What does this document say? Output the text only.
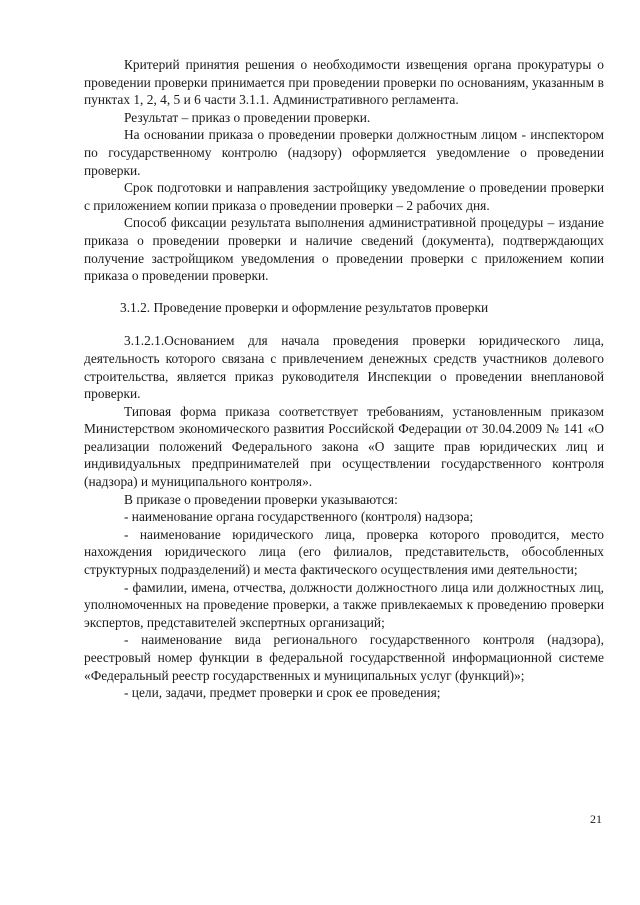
Критерий принятия решения о необходимости извещения органа прокуратуры о проведении проверки принимается при проведении проверки по основаниям, указанным в пунктах 1, 2, 4, 5 и 6 части 3.1.1. Административного регламента.

Результат – приказ о проведении проверки.

На основании приказа о проведении проверки должностным лицом - инспектором по государственному контролю (надзору) оформляется уведомление о проведении проверки.

Срок подготовки и направления застройщику уведомление о проведении проверки с приложением копии приказа о проведении проверки – 2 рабочих дня.

Способ фиксации результата выполнения административной процедуры – издание приказа о проведении проверки и наличие сведений (документа), подтверждающих получение застройщиком уведомления о проведении проверки с приложением копии приказа о проведении проверки.

3.1.2. Проведение проверки и оформление результатов проверки

3.1.2.1.Основанием для начала проведения проверки юридического лица, деятельность которого связана с привлечением денежных средств участников долевого строительства, является приказ руководителя Инспекции о проведении внеплановой проверки.

Типовая форма приказа соответствует требованиям, установленным приказом Министерством экономического развития Российской Федерации от 30.04.2009 № 141 «О реализации положений Федерального закона «О защите прав юридических лиц и индивидуальных предпринимателей при осуществлении государственного контроля (надзора) и муниципального контроля».

В приказе о проведении проверки указываются:

- наименование органа государственного (контроля) надзора;

- наименование юридического лица, проверка которого проводится, место нахождения юридического лица (его филиалов, представительств, обособленных структурных подразделений) и места фактического осуществления ими деятельности;

- фамилии, имена, отчества, должности должностного лица или должностных лиц, уполномоченных на проведение проверки, а также привлекаемых к проведению проверки экспертов, представителей экспертных организаций;

- наименование вида регионального государственного контроля (надзора), реестровый номер функции в федеральной государственной информационной системе «Федеральный реестр государственных и муниципальных услуг (функций)»;

- цели, задачи, предмет проверки и срок ее проведения;

21
